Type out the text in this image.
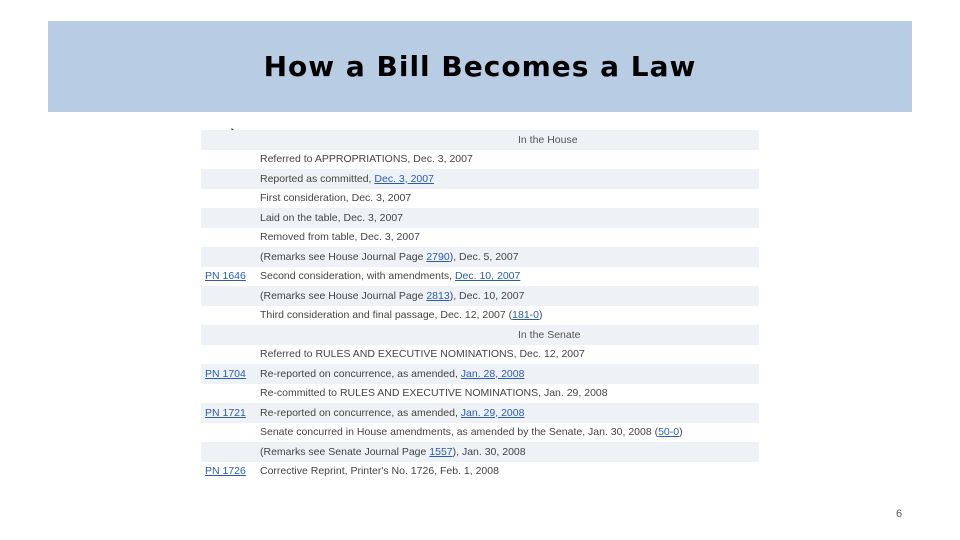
How a Bill Becomes a Law
In the House	
	Referred to APPROPRIATIONS, Dec. 3, 2007
	Reported as committed, Dec. 3, 2007
	First consideration, Dec. 3, 2007
	Laid on the table, Dec. 3, 2007
	Removed from table, Dec. 3, 2007
	(Remarks see House Journal Page 2790), Dec. 5, 2007
PN 1646	Second consideration, with amendments, Dec. 10, 2007
	(Remarks see House Journal Page 2813), Dec. 10, 2007
	Third consideration and final passage, Dec. 12, 2007 (181-0)
In the Senate	
	Referred to RULES AND EXECUTIVE NOMINATIONS, Dec. 12, 2007
PN 1704	Re-reported on concurrence, as amended, Jan. 28, 2008
	Re-committed to RULES AND EXECUTIVE NOMINATIONS, Jan. 29, 2008
PN 1721	Re-reported on concurrence, as amended, Jan. 29, 2008
	Senate concurred in House amendments, as amended by the Senate, Jan. 30, 2008 (50-0)
	(Remarks see Senate Journal Page 1557), Jan. 30, 2008
PN 1726	Corrective Reprint, Printer's No. 1726, Feb. 1, 2008
6
